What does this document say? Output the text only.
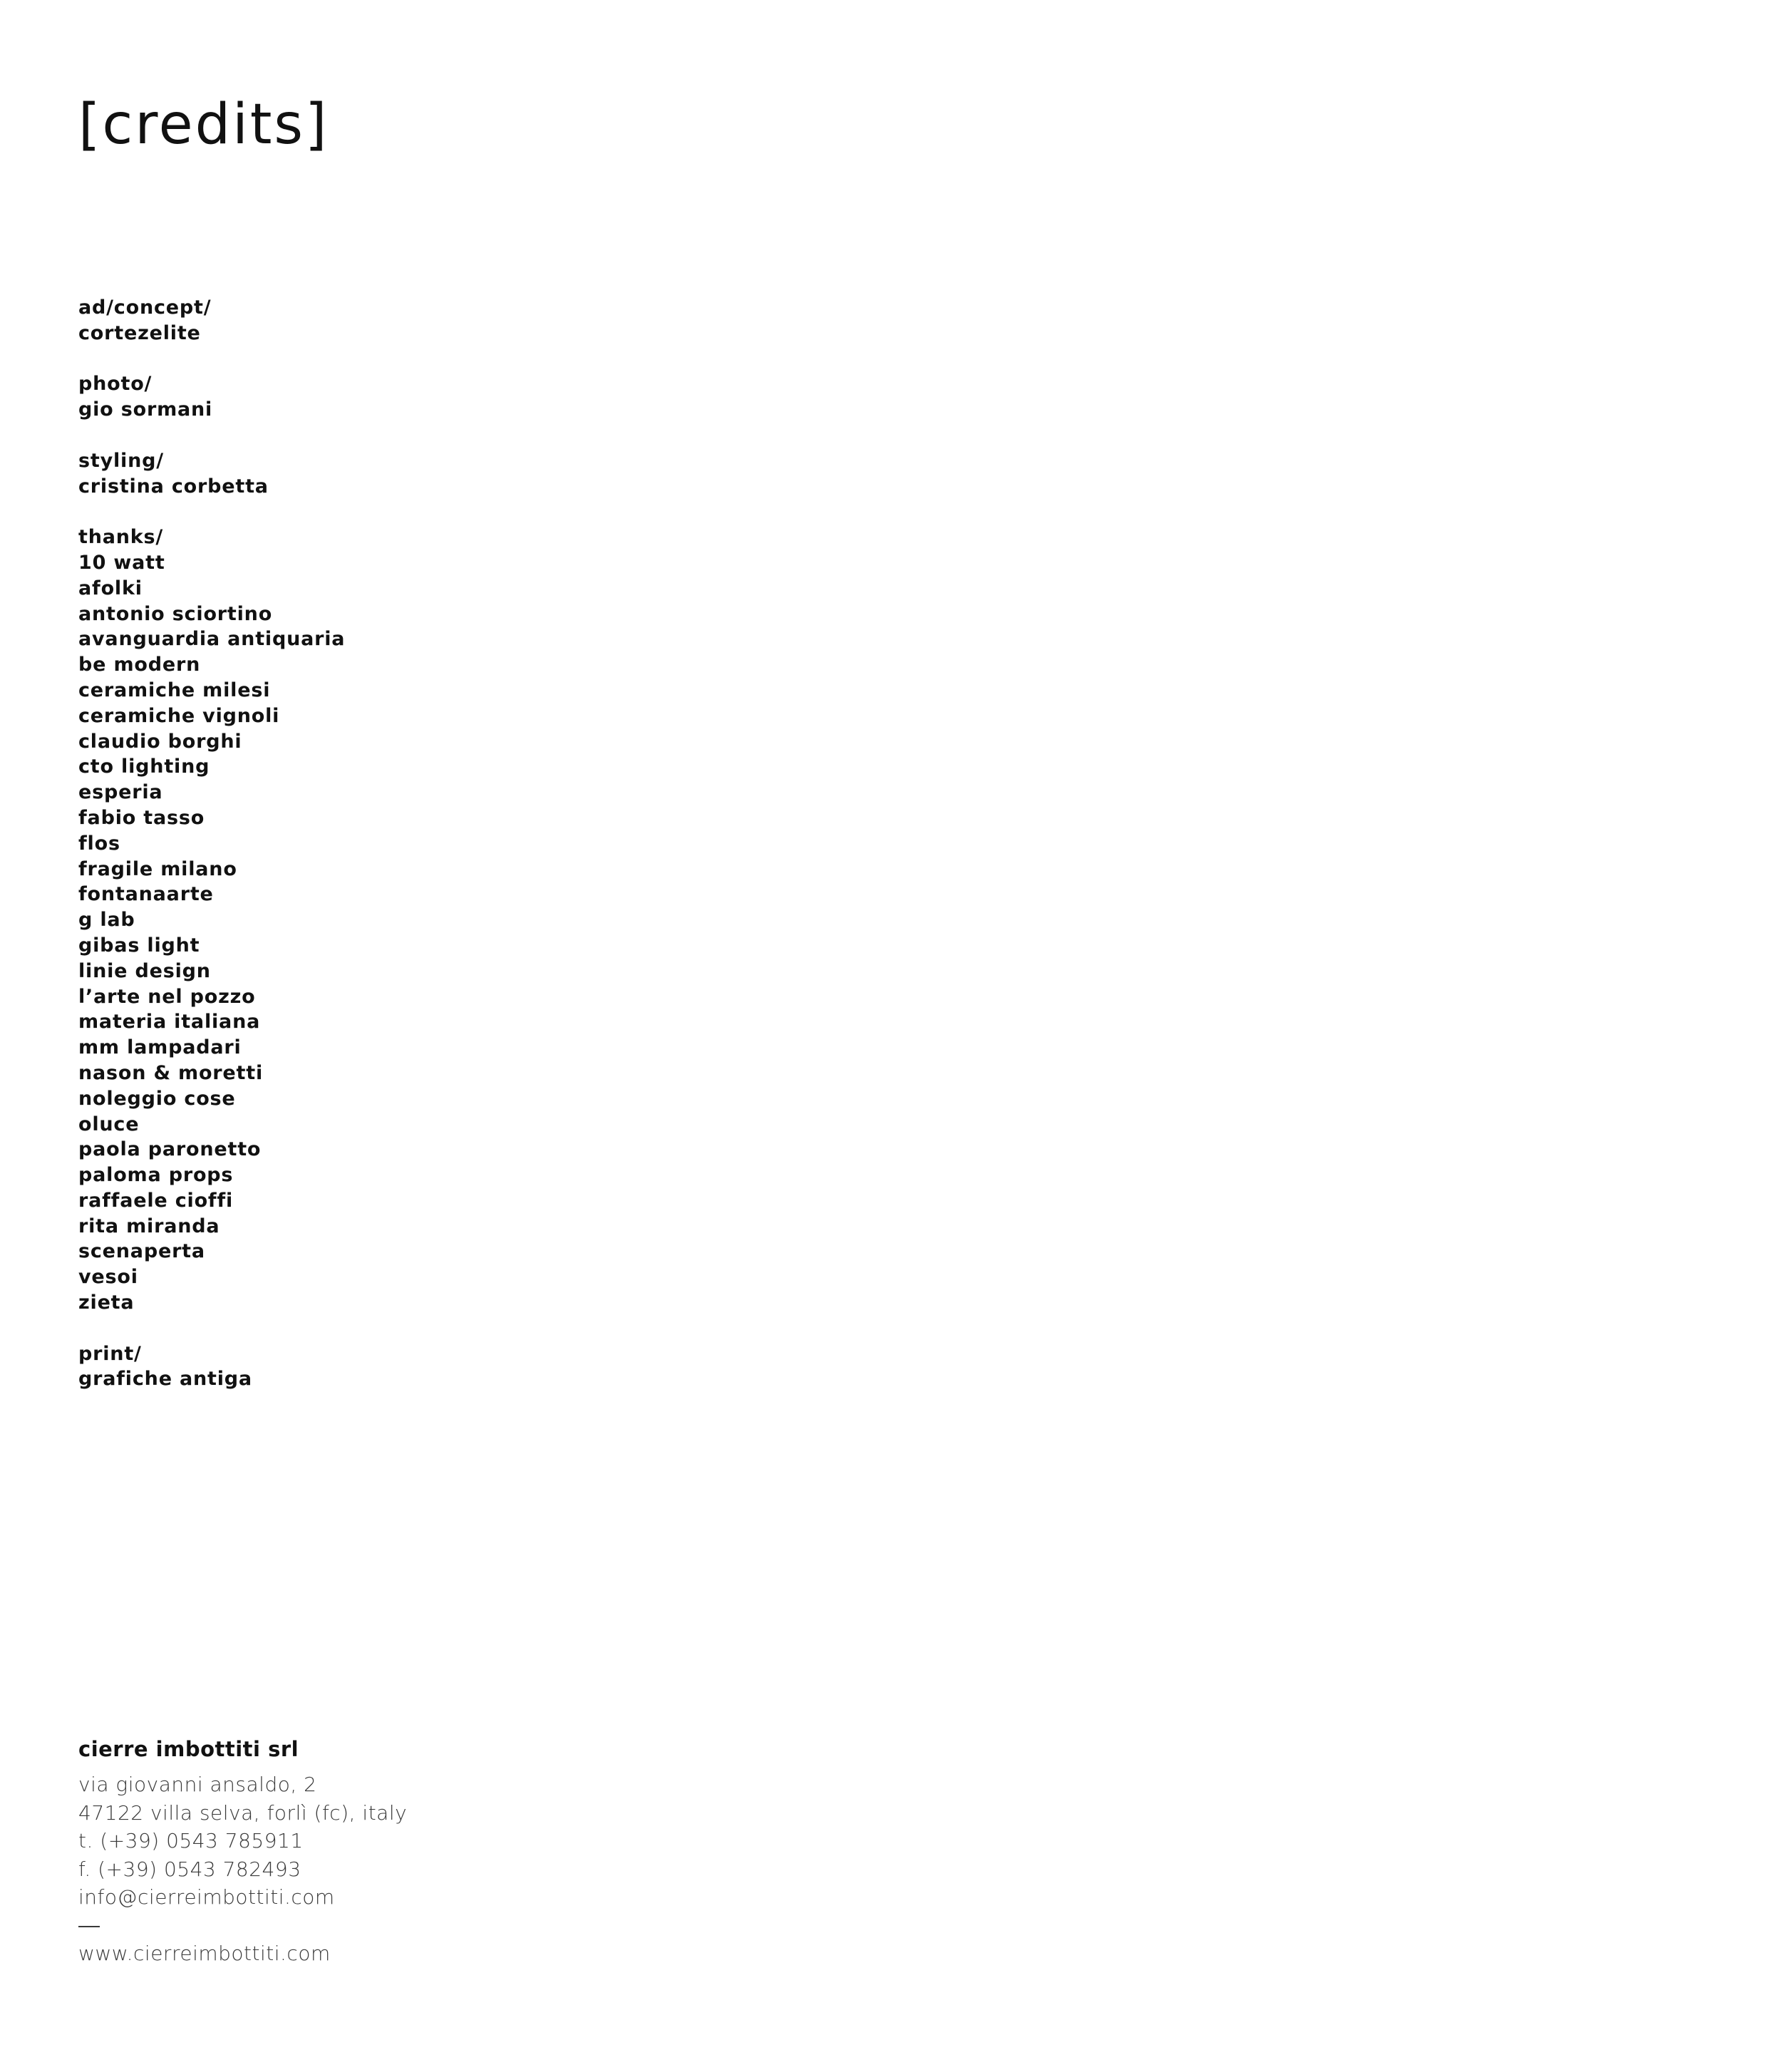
[credits]
ad/concept/
cortezelite
photo/
gio sormani
styling/
cristina corbetta
thanks/
10 watt
afolki
antonio sciortino
avanguardia antiquaria
be modern
ceramiche milesi
ceramiche vignoli
claudio borghi
cto lighting
esperia
fabio tasso
flos
fragile milano
fontanaarte
g lab
gibas light
linie design
l’arte nel pozzo
materia italiana
mm lampadari
nason & moretti
noleggio cose
oluce
paola paronetto
paloma props
raffaele cioffi
rita miranda
scenaperta
vesoi
zieta
print/
grafiche antiga
cierre imbottiti srl
via giovanni ansaldo, 2
47122 villa selva, forlì (fc), italy
t. (+39) 0543 785911
f. (+39) 0543 782493
info@cierreimbottiti.com
www.cierreimbottiti.com
